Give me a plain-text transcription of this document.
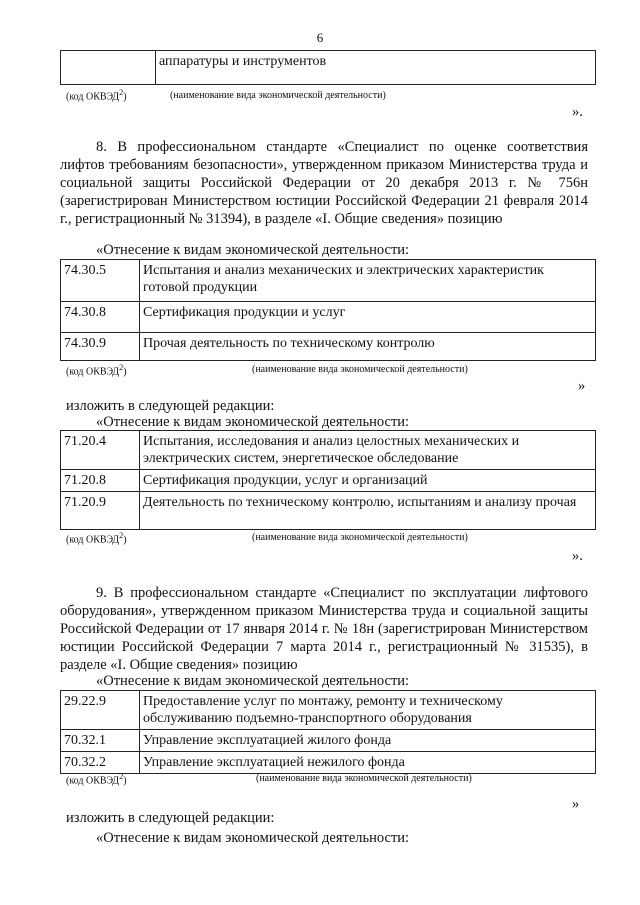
6
	аппаратуры и инструментов
(код ОКВЭД$^2$)	(наименование вида экономической деятельности)
».
8. В профессиональном стандарте «Специалист по оценке соответствия лифтов требованиям безопасности», утвержденном приказом Министерства труда и социальной защиты Российской Федерации от 20 декабря 2013 г. № 756н (зарегистрирован Министерством юстиции Российской Федерации 21 февраля 2014 г., регистрационный № 31394), в разделе «I. Общие сведения» позицию
«Отнесение к видам экономической деятельности:
74.30.5	Испытания и анализ механических и электрических характеристик готовой продукции
74.30.8	Сертификация продукции и услуг
74.30.9	Прочая деятельность по техническому контролю
(код ОКВЭД$^2$)	(наименование вида экономической деятельности)
»
изложить в следующей редакции:
«Отнесение к видам экономической деятельности:
71.20.4	Испытания, исследования и анализ целостных механических и электрических систем, энергетическое обследование
71.20.8	Сертификация продукции, услуг и организаций
71.20.9	Деятельность по техническому контролю, испытаниям и анализу прочая
(код ОКВЭД$^2$)	(наименование вида экономической деятельности)
».
9. В профессиональном стандарте «Специалист по эксплуатации лифтового оборудования», утвержденном приказом Министерства труда и социальной защиты Российской Федерации от 17 января 2014 г. № 18н (зарегистрирован Министерством юстиции Российской Федерации 7 марта 2014 г., регистрационный № 31535), в разделе «I. Общие сведения» позицию
«Отнесение к видам экономической деятельности:
29.22.9	Предоставление услуг по монтажу, ремонту и техническому обслуживанию подъемно-транспортного оборудования
70.32.1	Управление эксплуатацией жилого фонда
70.32.2	Управление эксплуатацией нежилого фонда
(код ОКВЭД$^2$)	(наименование вида экономической деятельности)
»
изложить в следующей редакции:
«Отнесение к видам экономической деятельности:
